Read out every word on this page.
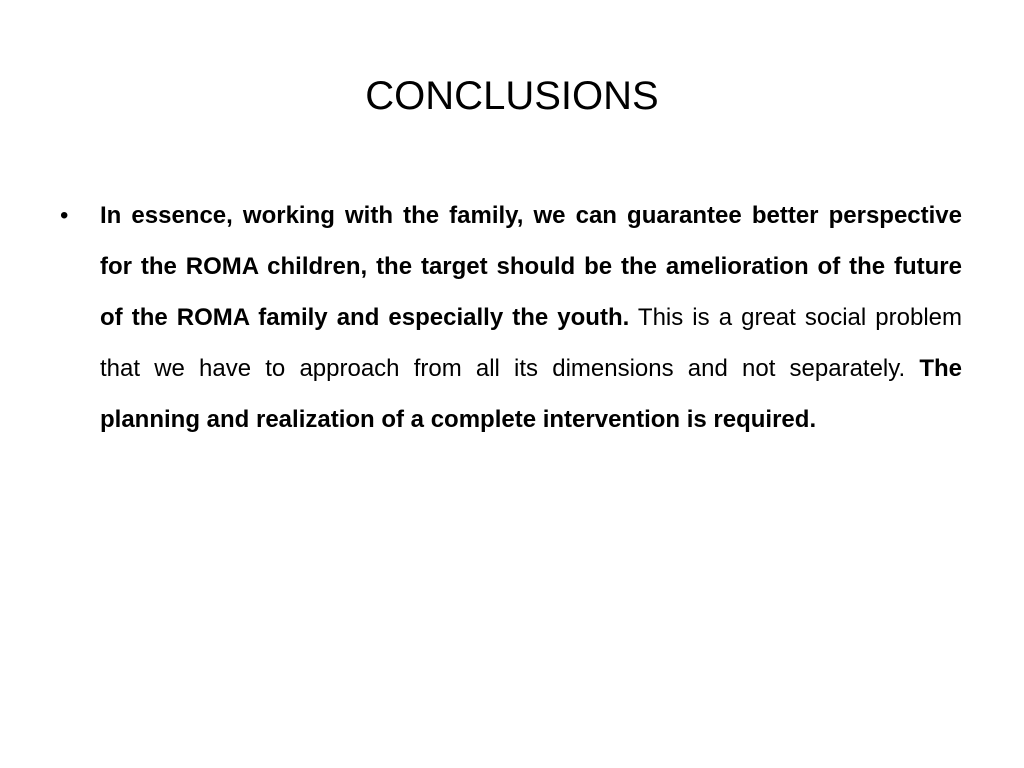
CONCLUSIONS
• In essence, working with the family, we can guarantee better perspective for the ROMA children, the target should be the amelioration of the future of the ROMA family and especially the youth. This is a great social problem that we have to approach from all its dimensions and not separately. The planning and realization of a complete intervention is required.
